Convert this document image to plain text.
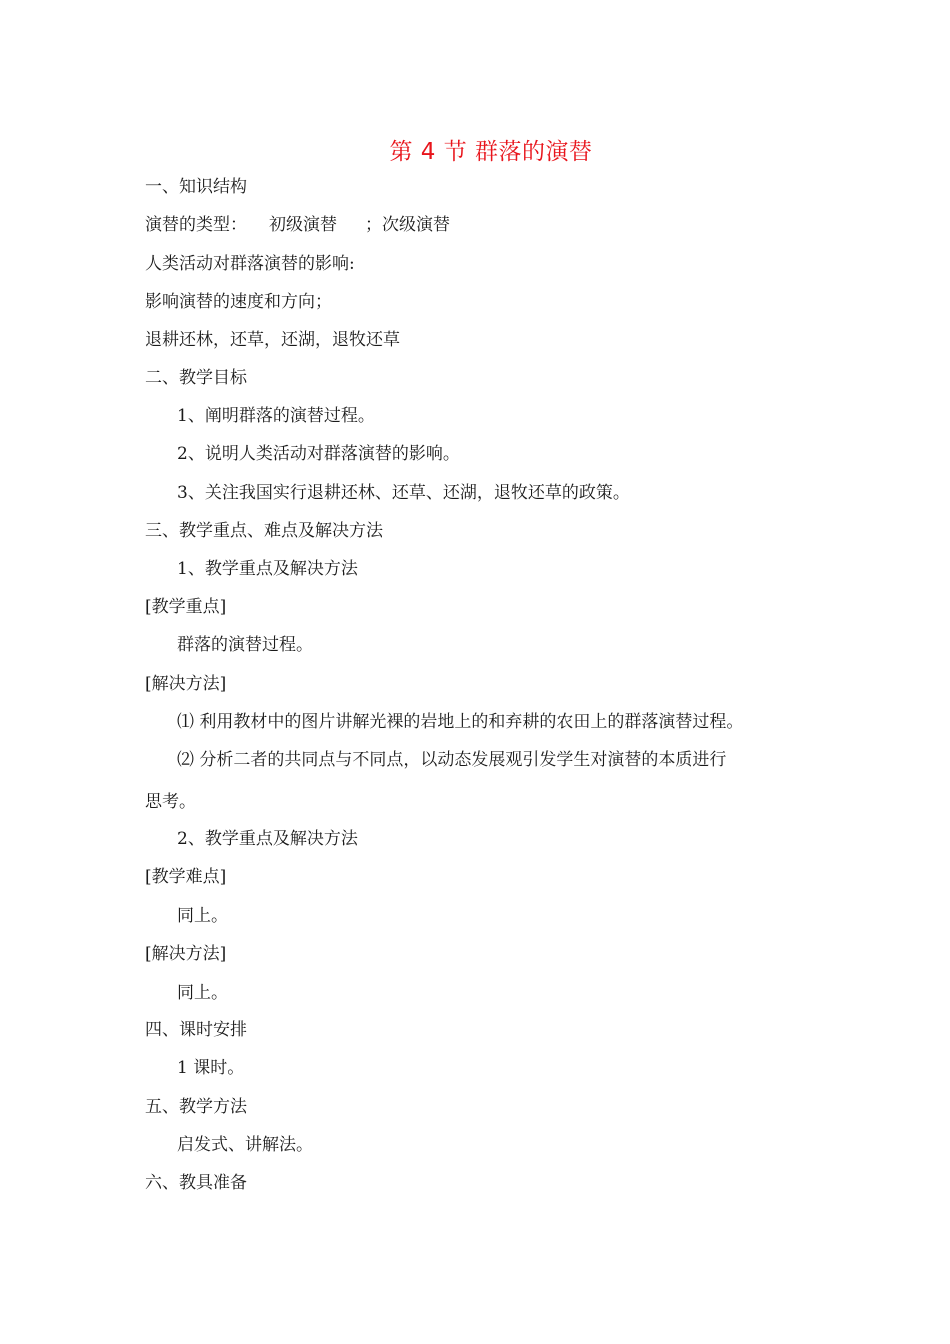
第 4 节 群落的演替
一、知识结构
演替的类型： 初级演替 ；次级演替
人类活动对群落演替的影响:
影响演替的速度和方向；
退耕还林，还草，还湖，退牧还草
二、教学目标
1、阐明群落的演替过程。
2、说明人类活动对群落演替的影响。
3、关注我国实行退耕还林、还草、还湖，退牧还草的政策。
三、教学重点、难点及解决方法
1、教学重点及解决方法
[教学重点]
群落的演替过程。
[解决方法]
⑴ 利用教材中的图片讲解光裸的岩地上的和弃耕的农田上的群落演替过程。
⑵ 分析二者的共同点与不同点，以动态发展观引发学生对演替的本质进行
思考。
2、教学重点及解决方法
[教学难点]
同上。
[解决方法]
同上。
四、课时安排
1 课时。
五、教学方法
启发式、讲解法。
六、教具准备
